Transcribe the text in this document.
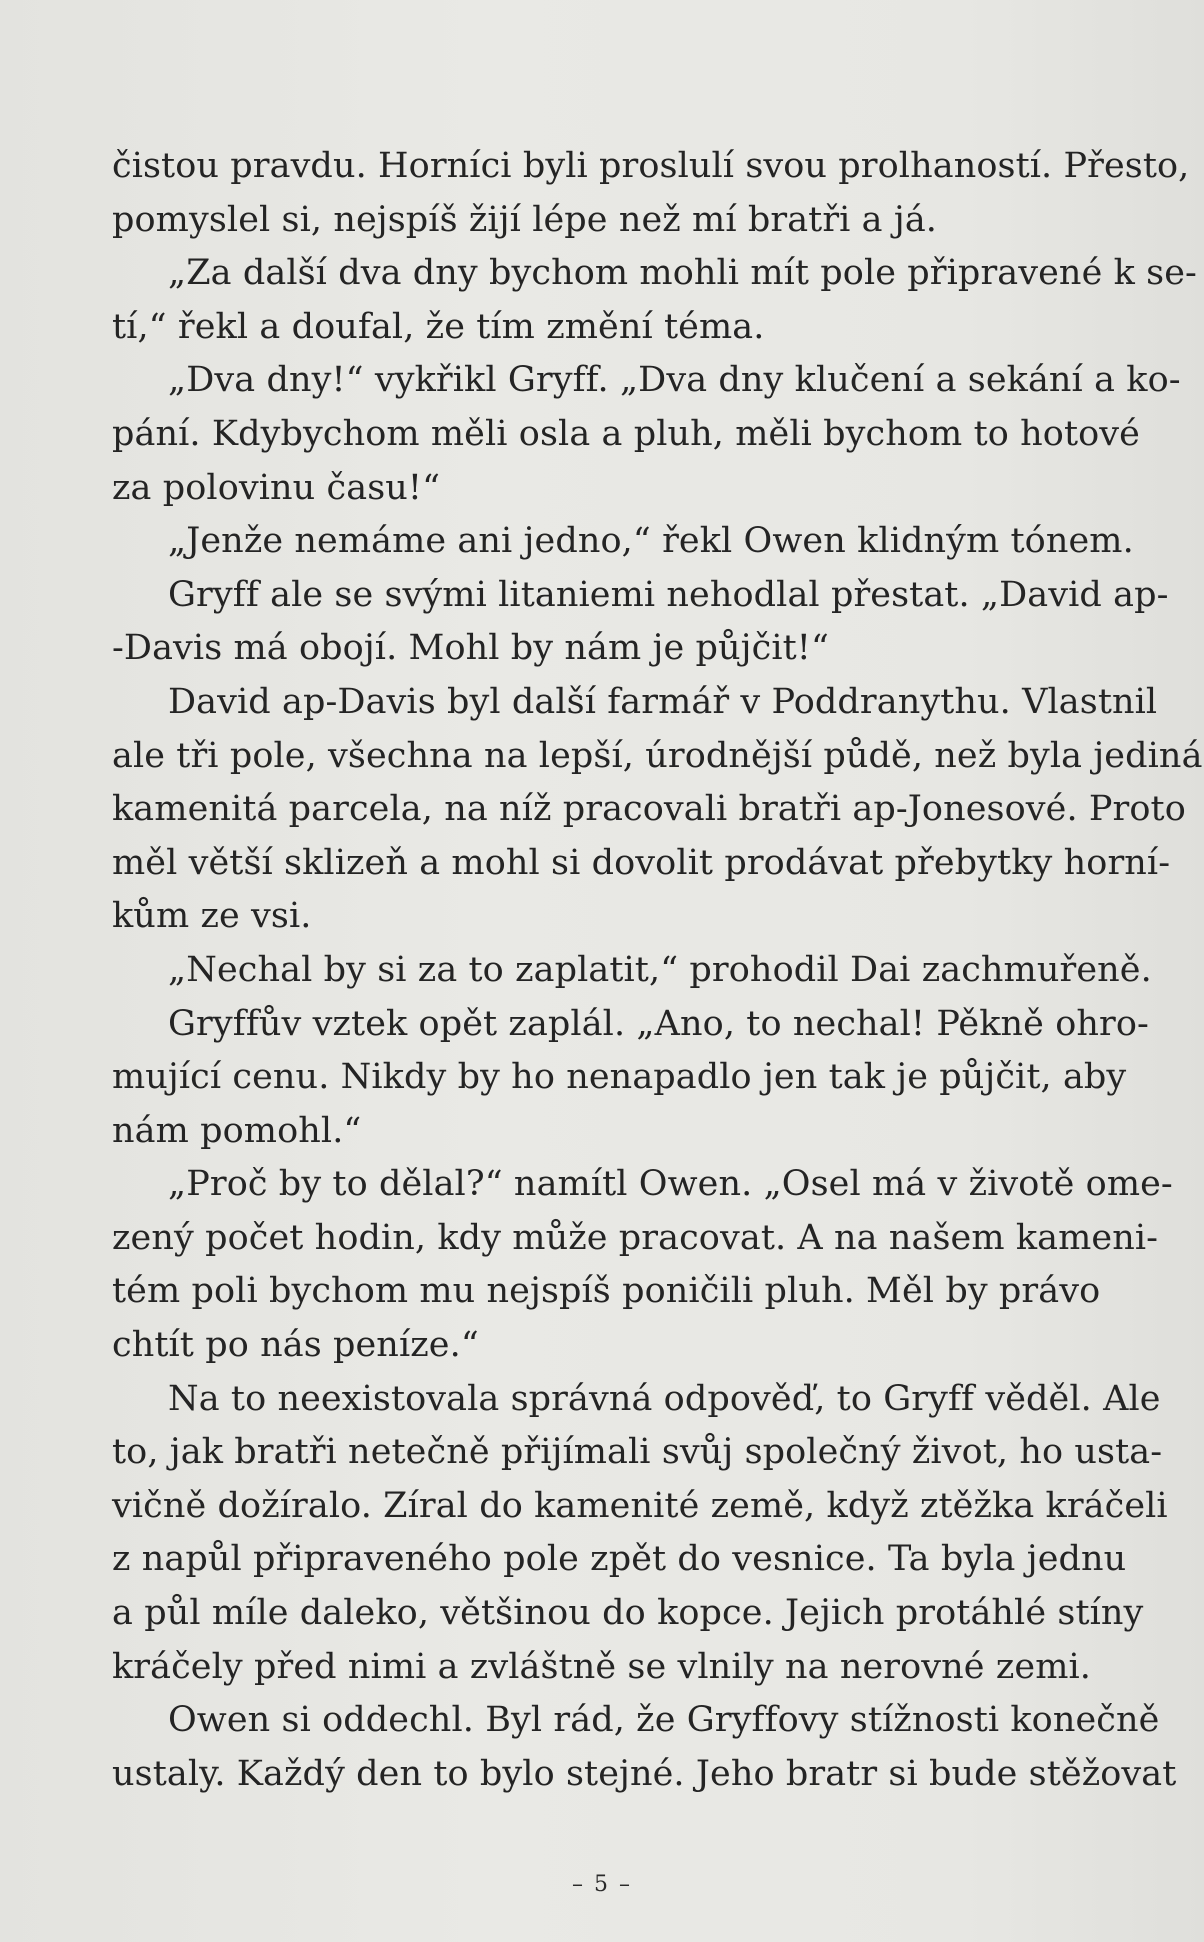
čistou pravdu. Horníci byli proslulí svou prolhaností. Přesto,
pomyslel si, nejspíš žijí lépe než mí bratři a já.
„Za další dva dny bychom mohli mít pole připravené k se-
tí,“ řekl a doufal, že tím změní téma.
„Dva dny!“ vykřikl Gryff. „Dva dny klučení a sekání a ko-
pání. Kdybychom měli osla a pluh, měli bychom to hotové
za polovinu času!“
„Jenže nemáme ani jedno,“ řekl Owen klidným tónem.
Gryff ale se svými litaniemi nehodlal přestat. „David ap-
-Davis má obojí. Mohl by nám je půjčit!“
David ap-Davis byl další farmář v Poddranythu. Vlastnil
ale tři pole, všechna na lepší, úrodnější půdě, než byla jediná
kamenitá parcela, na níž pracovali bratři ap-Jonesové. Proto
měl větší sklizeň a mohl si dovolit prodávat přebytky horní-
kům ze vsi.
„Nechal by si za to zaplatit,“ prohodil Dai zachmuřeně.
Gryffův vztek opět zaplál. „Ano, to nechal! Pěkně ohro-
mující cenu. Nikdy by ho nenapadlo jen tak je půjčit, aby
nám pomohl.“
„Proč by to dělal?“ namítl Owen. „Osel má v životě ome-
zený počet hodin, kdy může pracovat. A na našem kameni-
tém poli bychom mu nejspíš poničili pluh. Měl by právo
chtít po nás peníze.“
Na to neexistovala správná odpověď, to Gryff věděl. Ale
to, jak bratři netečně přijímali svůj společný život, ho usta-
vičně dožíralo. Zíral do kamenité země, když ztěžka kráčeli
z napůl připraveného pole zpět do vesnice. Ta byla jednu
a půl míle daleko, většinou do kopce. Jejich protáhlé stíny
kráčely před nimi a zvláštně se vlnily na nerovné zemi.
Owen si oddechl. Byl rád, že Gryffovy stížnosti konečně
ustaly. Každý den to bylo stejné. Jeho bratr si bude stěžovat
– 5 –
